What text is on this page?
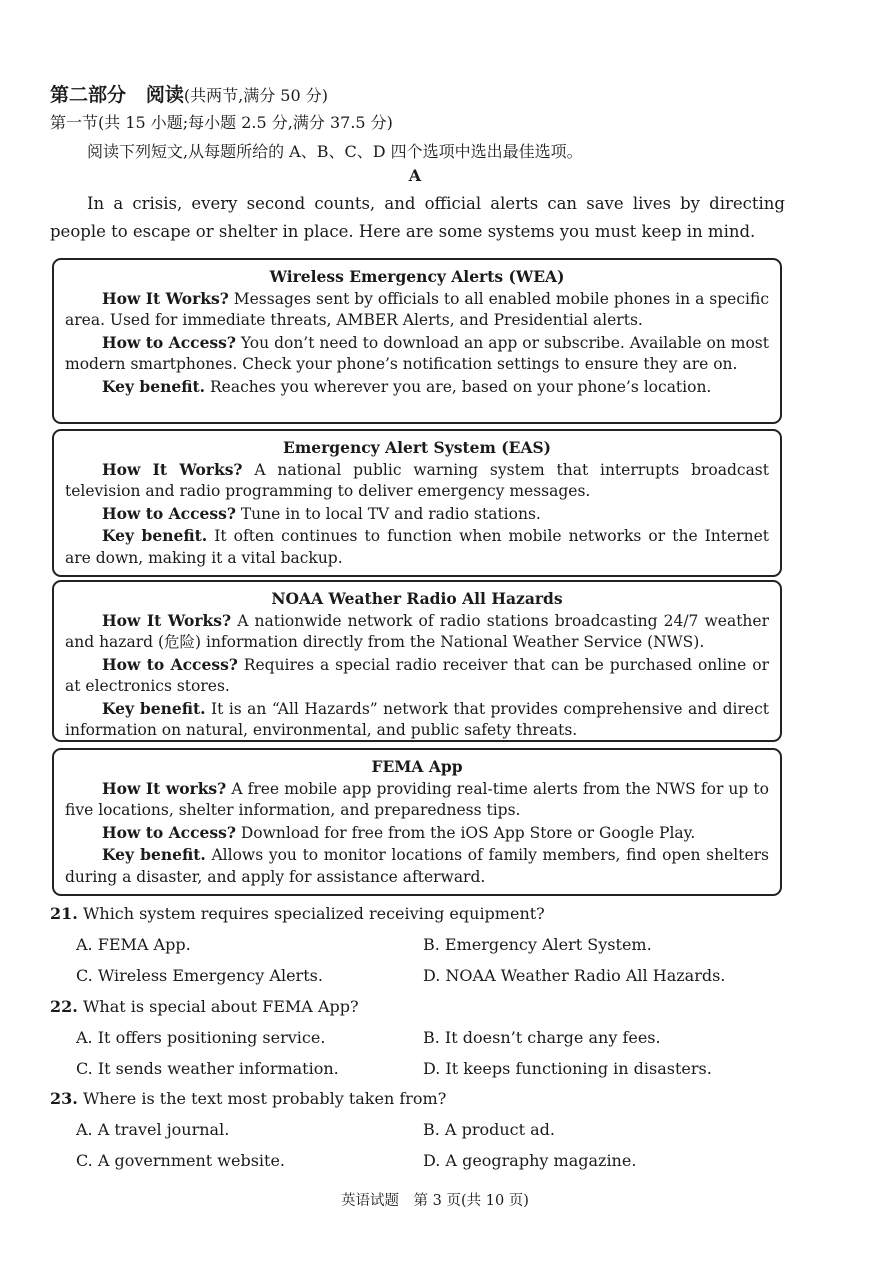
第二部分 阅读(共两节,满分 50 分)
第一节(共 15 小题;每小题 2.5 分,满分 37.5 分)
阅读下列短文,从每题所给的 A、B、C、D 四个选项中选出最佳选项。
A
In a crisis, every second counts, and official alerts can save lives by directing people to escape or shelter in place. Here are some systems you must keep in mind.
Wireless Emergency Alerts (WEA)

How It Works? Messages sent by officials to all enabled mobile phones in a specific area. Used for immediate threats, AMBER Alerts, and Presidential alerts.

How to Access? You don’t need to download an app or subscribe. Available on most modern smartphones. Check your phone’s notification settings to ensure they are on.

Key benefit. Reaches you wherever you are, based on your phone’s location.

Emergency Alert System (EAS)

How It Works? A national public warning system that interrupts broadcast television and radio programming to deliver emergency messages.

How to Access? Tune in to local TV and radio stations.

Key benefit. It often continues to function when mobile networks or the Internet are down, making it a vital backup.

NOAA Weather Radio All Hazards

How It Works? A nationwide network of radio stations broadcasting 24/7 weather and hazard (危险) information directly from the National Weather Service (NWS).

How to Access? Requires a special radio receiver that can be purchased online or at electronics stores.

Key benefit. It is an “All Hazards” network that provides comprehensive and direct information on natural, environmental, and public safety threats.

FEMA App

How It works? A free mobile app providing real-time alerts from the NWS for up to five locations, shelter information, and preparedness tips.

How to Access? Download for free from the iOS App Store or Google Play.

Key benefit. Allows you to monitor locations of family members, find open shelters during a disaster, and apply for assistance afterward.

21. Which system requires specialized receiving equipment?
A. FEMA App.	B. Emergency Alert System.
C. Wireless Emergency Alerts.	D. NOAA Weather Radio All Hazards.
22. What is special about FEMA App?
A. It offers positioning service.	B. It doesn’t charge any fees.
C. It sends weather information.	D. It keeps functioning in disasters.
23. Where is the text most probably taken from?
A. A travel journal.	B. A product ad.
C. A government website.	D. A geography magazine.
英语试题　第 3 页(共 10 页)
